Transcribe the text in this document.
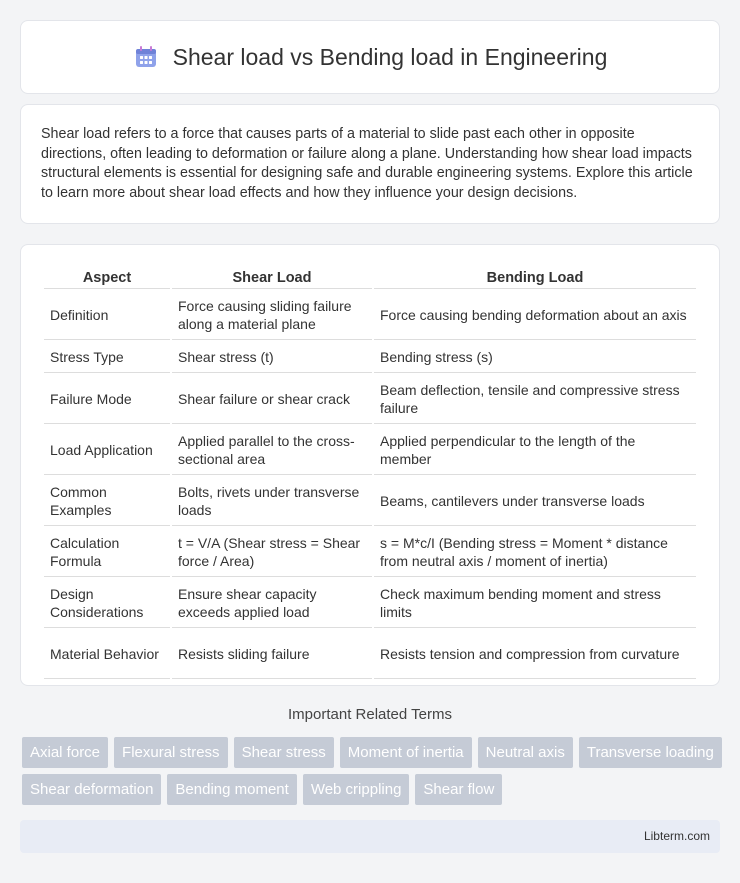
Shear load vs Bending load in Engineering

Shear load refers to a force that causes parts of a material to slide past each other in opposite directions, often leading to deformation or failure along a plane. Understanding how shear load impacts structural elements is essential for designing safe and durable engineering systems. Explore this article to learn more about shear load effects and how they influence your design decisions.

Aspect	Shear Load	Bending Load
Definition	Force causing sliding failure along a material plane	Force causing bending deformation about an axis
Stress Type	Shear stress (t)	Bending stress (s)
Failure Mode	Shear failure or shear crack	Beam deflection, tensile and compressive stress failure
Load Application	Applied parallel to the cross-sectional area	Applied perpendicular to the length of the member
Common Examples	Bolts, rivets under transverse loads	Beams, cantilevers under transverse loads
Calculation Formula	t = V/A (Shear stress = Shear force / Area)	s = M*c/I (Bending stress = Moment * distance from neutral axis / moment of inertia)
Design Considerations	Ensure shear capacity exceeds applied load	Check maximum bending moment and stress limits
Material Behavior	Resists sliding failure	Resists tension and compression from curvature
Important Related Terms
Axial force	Flexural stress	Shear stress	Moment of inertia	Neutral axis	Transverse loading
Shear deformation	Bending moment	Web crippling	Shear flow
Libterm.com
